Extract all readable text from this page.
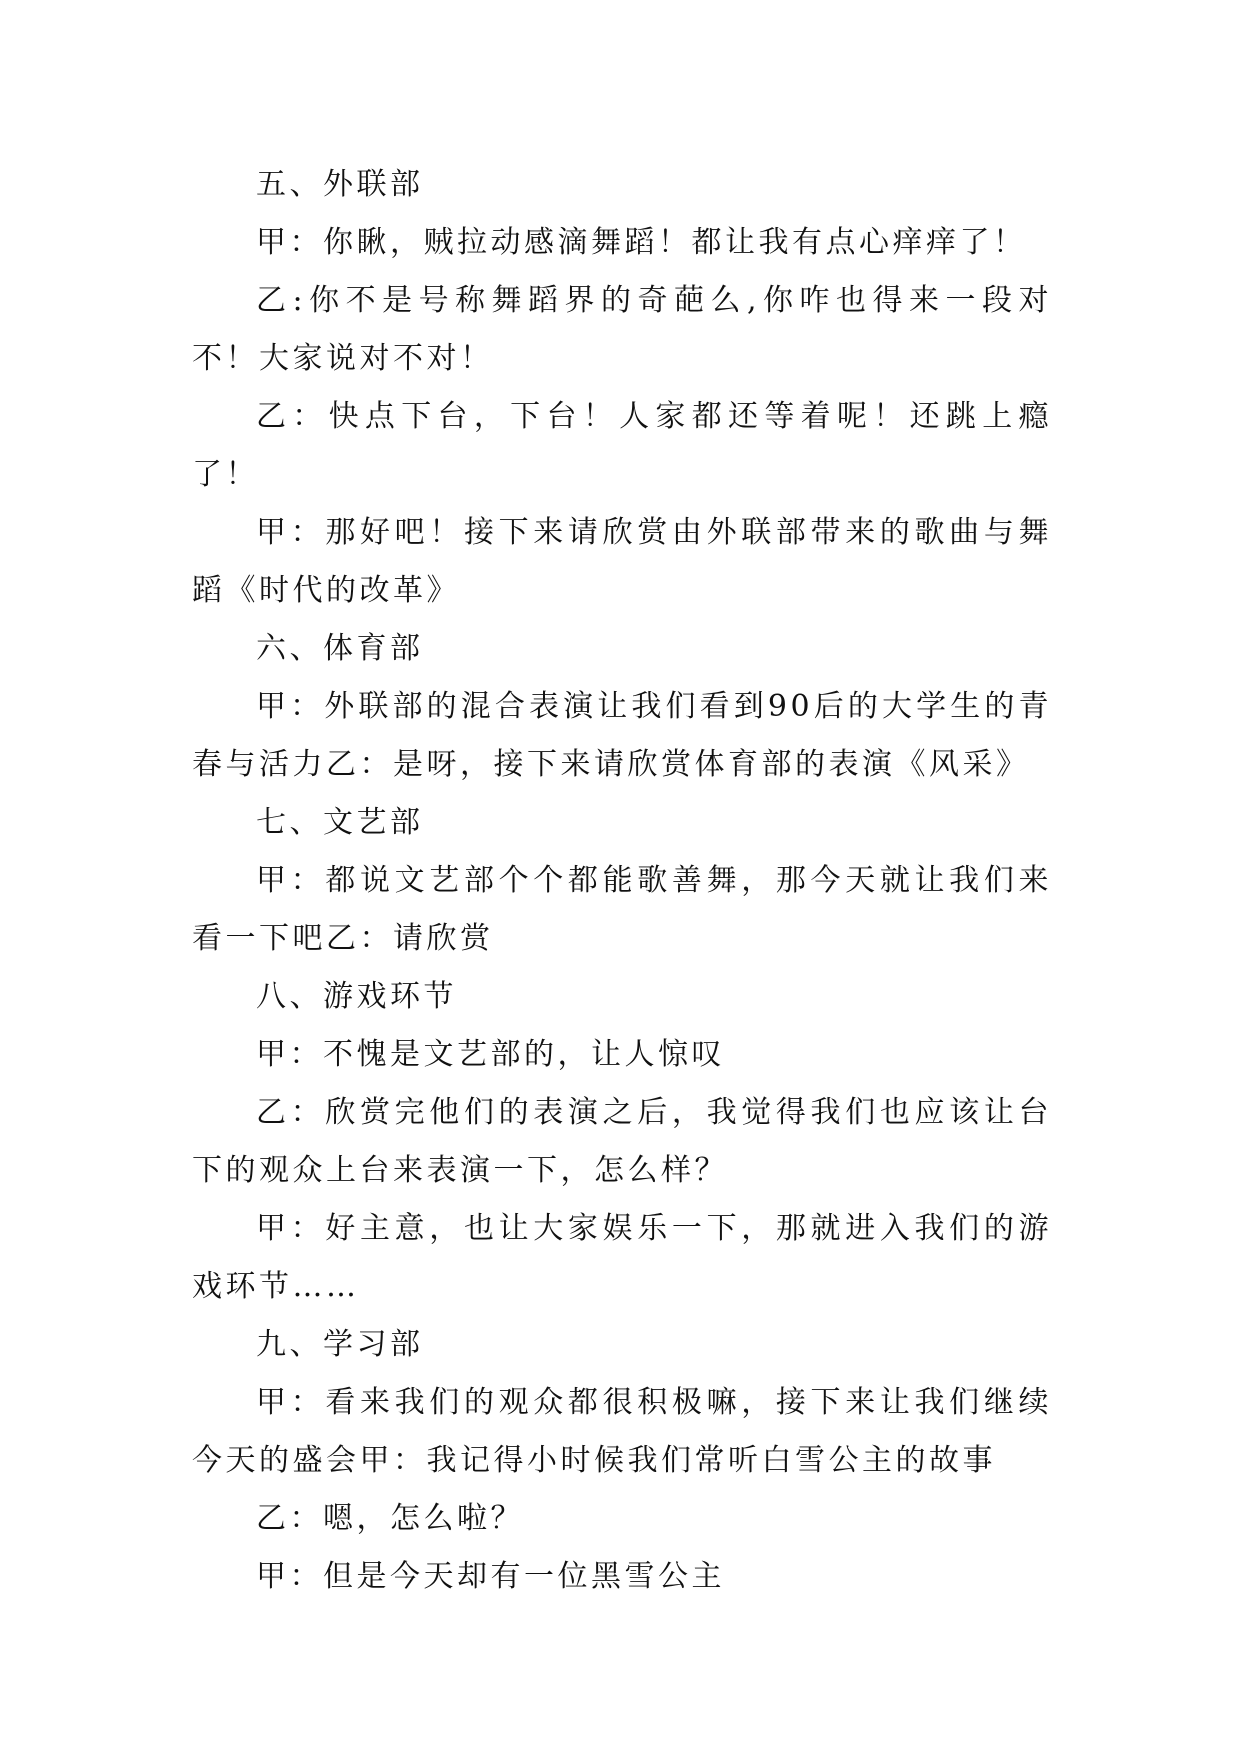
五、外联部

甲：你瞅，贼拉动感滴舞蹈！都让我有点心痒痒了！

乙:你不是号称舞蹈界的奇葩么,你咋也得来一段对不！大家说对不对！

乙：快点下台，下台！人家都还等着呢！还跳上瘾了！

甲：那好吧！接下来请欣赏由外联部带来的歌曲与舞蹈《时代的改革》

六、体育部

甲：外联部的混合表演让我们看到90后的大学生的青春与活力乙：是呀，接下来请欣赏体育部的表演《风采》

七、文艺部

甲：都说文艺部个个都能歌善舞，那今天就让我们来看一下吧乙：请欣赏

八、游戏环节

甲：不愧是文艺部的，让人惊叹

乙：欣赏完他们的表演之后，我觉得我们也应该让台下的观众上台来表演一下，怎么样？

甲：好主意，也让大家娱乐一下，那就进入我们的游戏环节……

九、学习部

甲：看来我们的观众都很积极嘛，接下来让我们继续今天的盛会甲：我记得小时候我们常听白雪公主的故事

乙：嗯，怎么啦？

甲：但是今天却有一位黑雪公主
